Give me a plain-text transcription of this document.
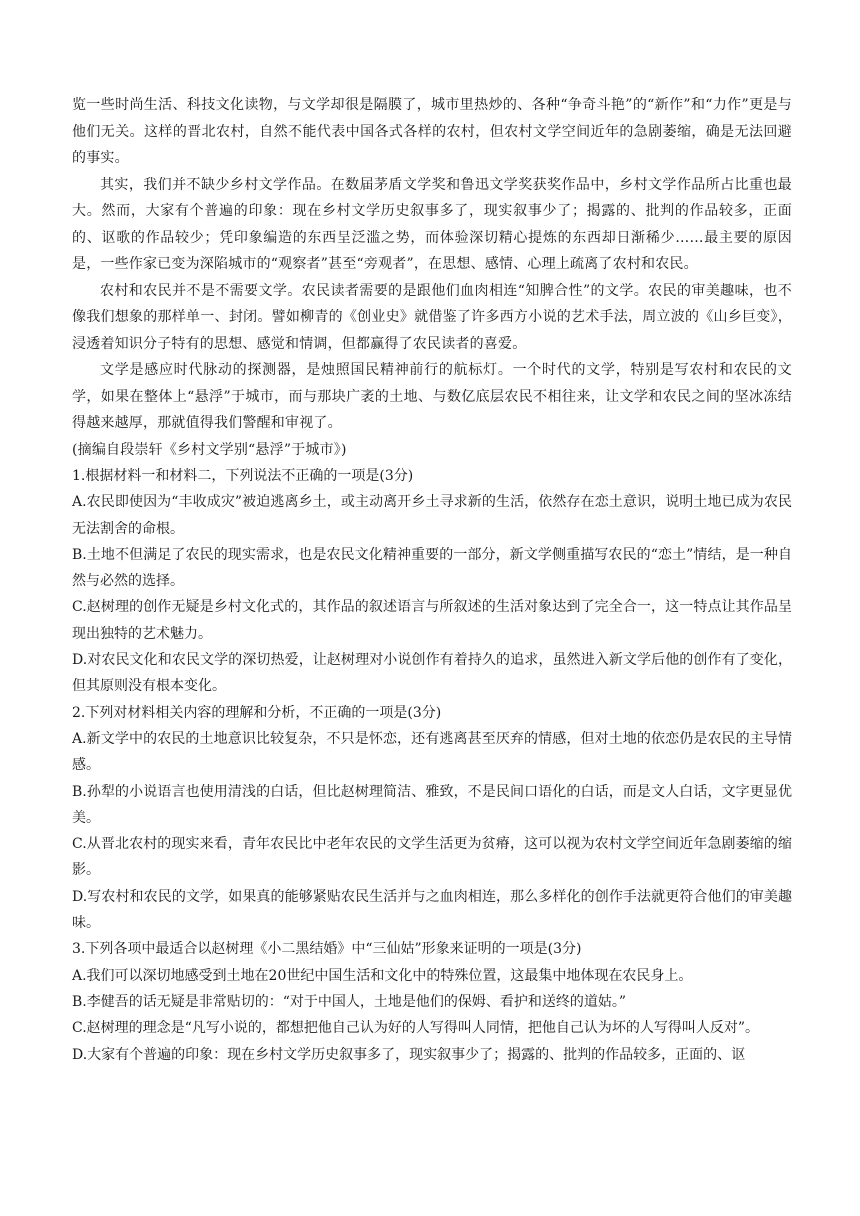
览一些时尚生活、科技文化读物，与文学却很是隔膜了，城市里热炒的、各种“争奇斗艳”的“新作”和“力作”更是与他们无关。这样的晋北农村，自然不能代表中国各式各样的农村，但农村文学空间近年的急剧萎缩，确是无法回避的事实。

其实，我们并不缺少乡村文学作品。在数届茅盾文学奖和鲁迅文学奖获奖作品中，乡村文学作品所占比重也最大。然而，大家有个普遍的印象：现在乡村文学历史叙事多了，现实叙事少了；揭露的、批判的作品较多，正面的、讴歌的作品较少；凭印象编造的东西呈泛滥之势，而体验深切精心提炼的东西却日渐稀少……最主要的原因是，一些作家已变为深陷城市的“观察者”甚至“旁观者”，在思想、感情、心理上疏离了农村和农民。

农村和农民并不是不需要文学。农民读者需要的是跟他们血肉相连“知脾合性”的文学。农民的审美趣味，也不像我们想象的那样单一、封闭。譬如柳青的《创业史》就借鉴了许多西方小说的艺术手法，周立波的《山乡巨变》，浸透着知识分子特有的思想、感觉和情调，但都赢得了农民读者的喜爱。

文学是感应时代脉动的探测器，是烛照国民精神前行的航标灯。一个时代的文学，特别是写农村和农民的文学，如果在整体上“悬浮”于城市，而与那块广袤的土地、与数亿底层农民不相往来，让文学和农民之间的坚冰冻结得越来越厚，那就值得我们警醒和审视了。

(摘编自段崇轩《乡村文学别“悬浮”于城市》)

1.根据材料一和材料二，下列说法不正确的一项是(3分)

A.农民即使因为“丰收成灾”被迫逃离乡土，或主动离开乡土寻求新的生活，依然存在恋土意识，说明土地已成为农民无法割舍的命根。

B.土地不但满足了农民的现实需求，也是农民文化精神重要的一部分，新文学侧重描写农民的“恋土”情结，是一种自然与必然的选择。

C.赵树理的创作无疑是乡村文化式的，其作品的叙述语言与所叙述的生活对象达到了完全合一，这一特点让其作品呈现出独特的艺术魅力。

D.对农民文化和农民文学的深切热爱，让赵树理对小说创作有着持久的追求，虽然进入新文学后他的创作有了变化，但其原则没有根本变化。

2.下列对材料相关内容的理解和分析，不正确的一项是(3分)

A.新文学中的农民的土地意识比较复杂，不只是怀恋，还有逃离甚至厌弃的情感，但对土地的依恋仍是农民的主导情感。

B.孙犁的小说语言也使用清浅的白话，但比赵树理简洁、雅致，不是民间口语化的白话，而是文人白话，文字更显优美。

C.从晋北农村的现实来看，青年农民比中老年农民的文学生活更为贫瘠，这可以视为农村文学空间近年急剧萎缩的缩影。

D.写农村和农民的文学，如果真的能够紧贴农民生活并与之血肉相连，那么多样化的创作手法就更符合他们的审美趣味。

3.下列各项中最适合以赵树理《小二黑结婚》中“三仙姑”形象来证明的一项是(3分)

A.我们可以深切地感受到土地在20世纪中国生活和文化中的特殊位置，这最集中地体现在农民身上。

B.李健吾的话无疑是非常贴切的：“对于中国人，土地是他们的保姆、看护和送终的道姑。”

C.赵树理的理念是“凡写小说的，都想把他自己认为好的人写得叫人同情，把他自己认为坏的人写得叫人反对”。

D.大家有个普遍的印象：现在乡村文学历史叙事多了，现实叙事少了；揭露的、批判的作品较多，正面的、讴
